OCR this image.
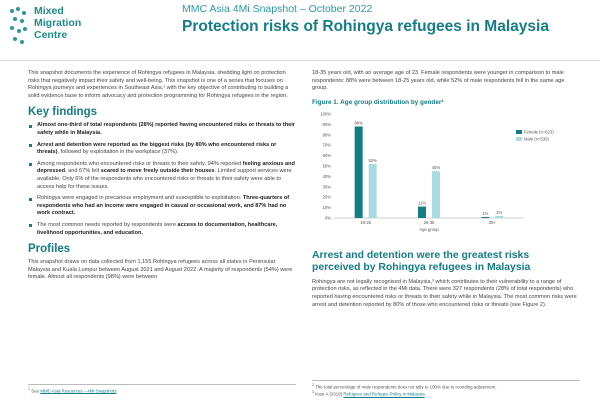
Mixed
Migration
Centre
MMC Asia 4Mi Snapshot – October 2022
Protection risks of Rohingya refugees in Malaysia

This snapshot documents the experience of Rohingya refugees in Malaysia, shedding light on protection risks that negatively impact their safety and well-being. This snapshot is one of a series that focuses on Rohingya journeys and experiences in Southeast Asia,¹ with the key objective of contributing to building a solid evidence base to inform advocacy and protection programming for Rohingya refugees in the region.

Key findings
Almost one-third of total respondents (28%) reported having encountered risks or threats to their safety while in Malaysia.
Arrest and detention were reported as the biggest risks (by 80% who encountered risks or threats), followed by exploitation in the workplace (37%).
Among respondents who encountered risks or threats to their safety, 94% reported feeling anxious and depressed, and 67% felt scared to move freely outside their houses. Limited support services were available. Only 6% of the respondents who encountered risks or threats to their safety were able to access help for these issues.
Rohingya were engaged in precarious employment and susceptible to exploitation. Three-quarters of respondents who had an income were engaged in casual or occasional work, and 87% had no work contract.
The most common needs reported by respondents were access to documentation, healthcare, livelihood opportunities, and education.
Profiles

This snapshot draws on data collected from 1,155 Rohingya refugees across all states in Peninsular Malaysia and Kuala Lumpur between August 2021 and August 2022. A majority of respondents (54%) were female. Almost all respondents (98%) were between

$^1$ See MMC Asia Resources – 4Mi Snapshots

18-35 years old, with an average age of 23. Female respondents were younger in comparison to male respondents: 88% were between 18-25 years old, while 52% of male respondents fell in the same age group.

Figure 1. Age group distribution by gender²
0%
10%
20%
30%
40%
50%
60%
70%
80%
90%
100%
88%
52%
18-25
11%
45%
26-35
1% 2%
35+
Age group
Female (n=623)
Male (n=530)
Arrest and detention were the greatest risks perceived by Rohingya refugees in Malaysia

Rohingya are not legally recognised in Malaysia,³ which contributes to their vulnerability to a range of protection risks, as reflected in the 4Mi data. There were 327 respondents (28% of total respondents) who reported having encountered risks or threats to their safety while in Malaysia. The most common risks were arrest and detention reported by 80% of those who encountered risks or threats (see Figure 2).

$^2$ The total percentage of male respondents does not tally to 100% due to rounding adjustment.
$^3$ Kaur A (2019) Refugees and Refugee Policy in Malaysia
